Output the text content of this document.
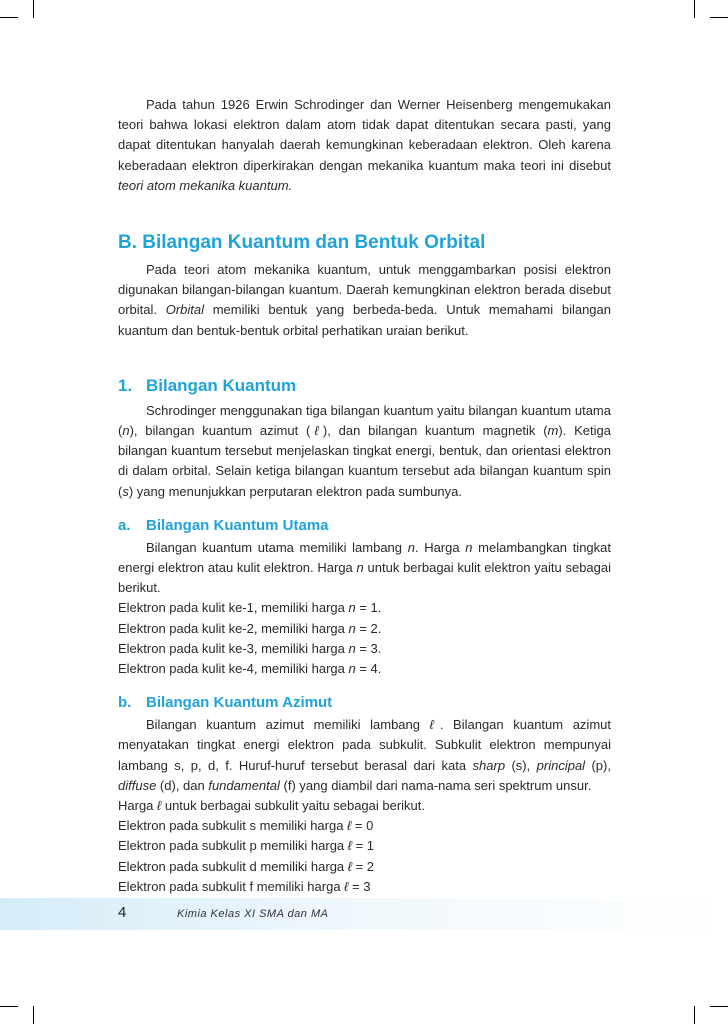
Pada tahun 1926 Erwin Schrodinger dan Werner Heisenberg mengemukakan teori bahwa lokasi elektron dalam atom tidak dapat ditentukan secara pasti, yang dapat ditentukan hanyalah daerah kemungkinan keberadaan elektron. Oleh karena keberadaan elektron diperkirakan dengan mekanika kuantum maka teori ini disebut teori atom mekanika kuantum.

B. Bilangan Kuantum dan Bentuk Orbital

Pada teori atom mekanika kuantum, untuk menggambarkan posisi elektron digunakan bilangan-bilangan kuantum. Daerah kemungkinan elektron berada disebut orbital. Orbital memiliki bentuk yang berbeda-beda. Untuk memahami bilangan kuantum dan bentuk-bentuk orbital perhatikan uraian berikut.

1. Bilangan Kuantum

Schrodinger menggunakan tiga bilangan kuantum yaitu bilangan kuantum utama (n), bilangan kuantum azimut (ℓ), dan bilangan kuantum magnetik (m). Ketiga bilangan kuantum tersebut menjelaskan tingkat energi, bentuk, dan orientasi elektron di dalam orbital. Selain ketiga bilangan kuantum tersebut ada bilangan kuantum spin (s) yang menunjukkan perputaran elektron pada sumbunya.

a. Bilangan Kuantum Utama

Bilangan kuantum utama memiliki lambang n. Harga n melambangkan tingkat energi elektron atau kulit elektron. Harga n untuk berbagai kulit elektron yaitu sebagai berikut.

Elektron pada kulit ke-1, memiliki harga n = 1.
Elektron pada kulit ke-2, memiliki harga n = 2.
Elektron pada kulit ke-3, memiliki harga n = 3.
Elektron pada kulit ke-4, memiliki harga n = 4.
b. Bilangan Kuantum Azimut

Bilangan kuantum azimut memiliki lambang ℓ. Bilangan kuantum azimut menyatakan tingkat energi elektron pada subkulit. Subkulit elektron mempunyai lambang s, p, d, f. Huruf-huruf tersebut berasal dari kata sharp (s), principal (p), diffuse (d), dan fundamental (f) yang diambil dari nama-nama seri spektrum unsur.

Harga ℓ untuk berbagai subkulit yaitu sebagai berikut.
Elektron pada subkulit s memiliki harga ℓ = 0
Elektron pada subkulit p memiliki harga ℓ = 1
Elektron pada subkulit d memiliki harga ℓ = 2
Elektron pada subkulit f memiliki harga ℓ = 3
4	Kimia Kelas XI SMA dan MA
